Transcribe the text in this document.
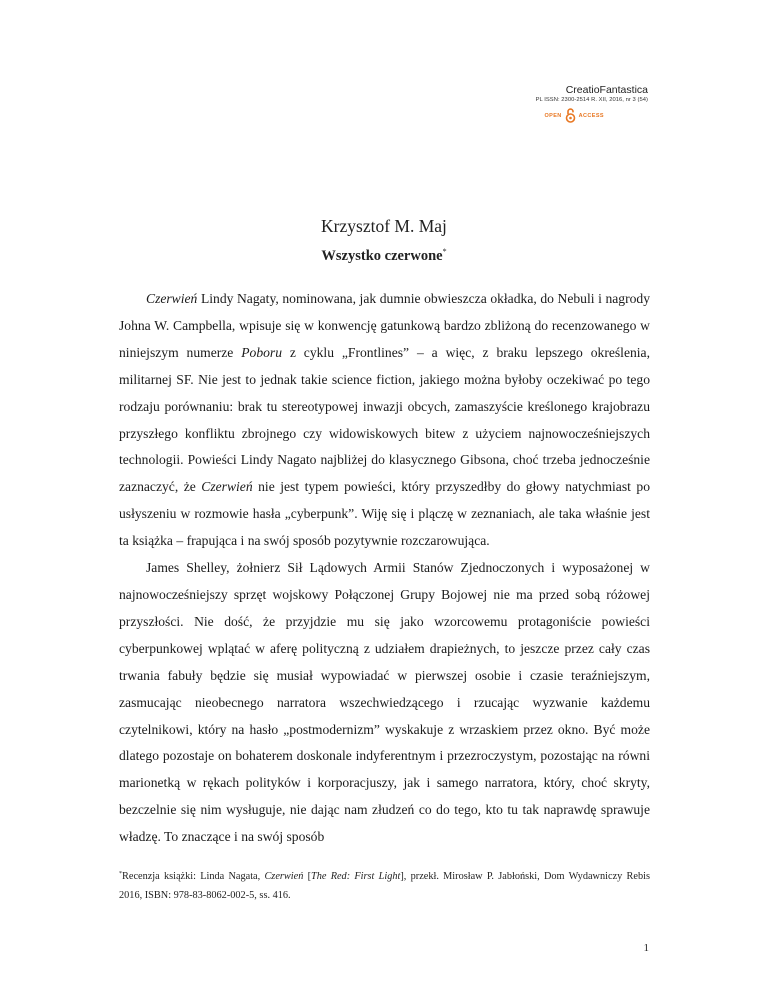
CreatioFantastica
PL ISSN: 2300-2514 R. XII, 2016, nr 3 (54)
OPEN	ACCESS
Krzysztof M. Maj
Wszystko czerwone*

Czerwień Lindy Nagaty, nominowana, jak dumnie obwieszcza okładka, do Nebuli i nagrody Johna W. Campbella, wpisuje się w konwencję gatunkową bardzo zbliżoną do recenzowanego w niniejszym numerze Poboru z cyklu „Frontlines” – a więc, z braku lepszego określenia, militarnej SF. Nie jest to jednak takie science fiction, jakiego można byłoby oczekiwać po tego rodzaju porównaniu: brak tu stereotypowej inwazji obcych, zamaszyście kreślonego krajobrazu przyszłego konfliktu zbrojnego czy widowiskowych bitew z użyciem najnowocześniejszych technologii. Powieści Lindy Nagato najbliżej do klasycznego Gibsona, choć trzeba jednocześnie zaznaczyć, że Czerwień nie jest typem powieści, który przyszedłby do głowy natychmiast po usłyszeniu w rozmowie hasła „cyberpunk”. Wiję się i plączę w zeznaniach, ale taka właśnie jest ta książka – frapująca i na swój sposób pozytywnie rozczarowująca.

James Shelley, żołnierz Sił Lądowych Armii Stanów Zjednoczonych i wyposażonej w najnowocześniejszy sprzęt wojskowy Połączonej Grupy Bojowej nie ma przed sobą różowej przyszłości. Nie dość, że przyjdzie mu się jako wzorcowemu protagoniście powieści cyberpunkowej wplątać w aferę polityczną z udziałem drapieżnych, to jeszcze przez cały czas trwania fabuły będzie się musiał wypowiadać w pierwszej osobie i czasie teraźniejszym, zasmucając nieobecnego narratora wszechwiedzącego i rzucając wyzwanie każdemu czytelnikowi, który na hasło „postmodernizm” wyskakuje z wrzaskiem przez okno. Być może dlatego pozostaje on bohaterem doskonale indyferentnym i przezroczystym, pozostając na równi marionetką w rękach polityków i korporacjuszy, jak i samego narratora, który, choć skryty, bezczelnie się nim wysługuje, nie dając nam złudzeń co do tego, kto tu tak naprawdę sprawuje władzę. To znaczące i na swój sposób

*Recenzja książki: Linda Nagata, Czerwień [The Red: First Light], przekł. Mirosław P. Jabłoński, Dom Wydawniczy Rebis 2016, ISBN: 978-83-8062-002-5, ss. 416.
1
